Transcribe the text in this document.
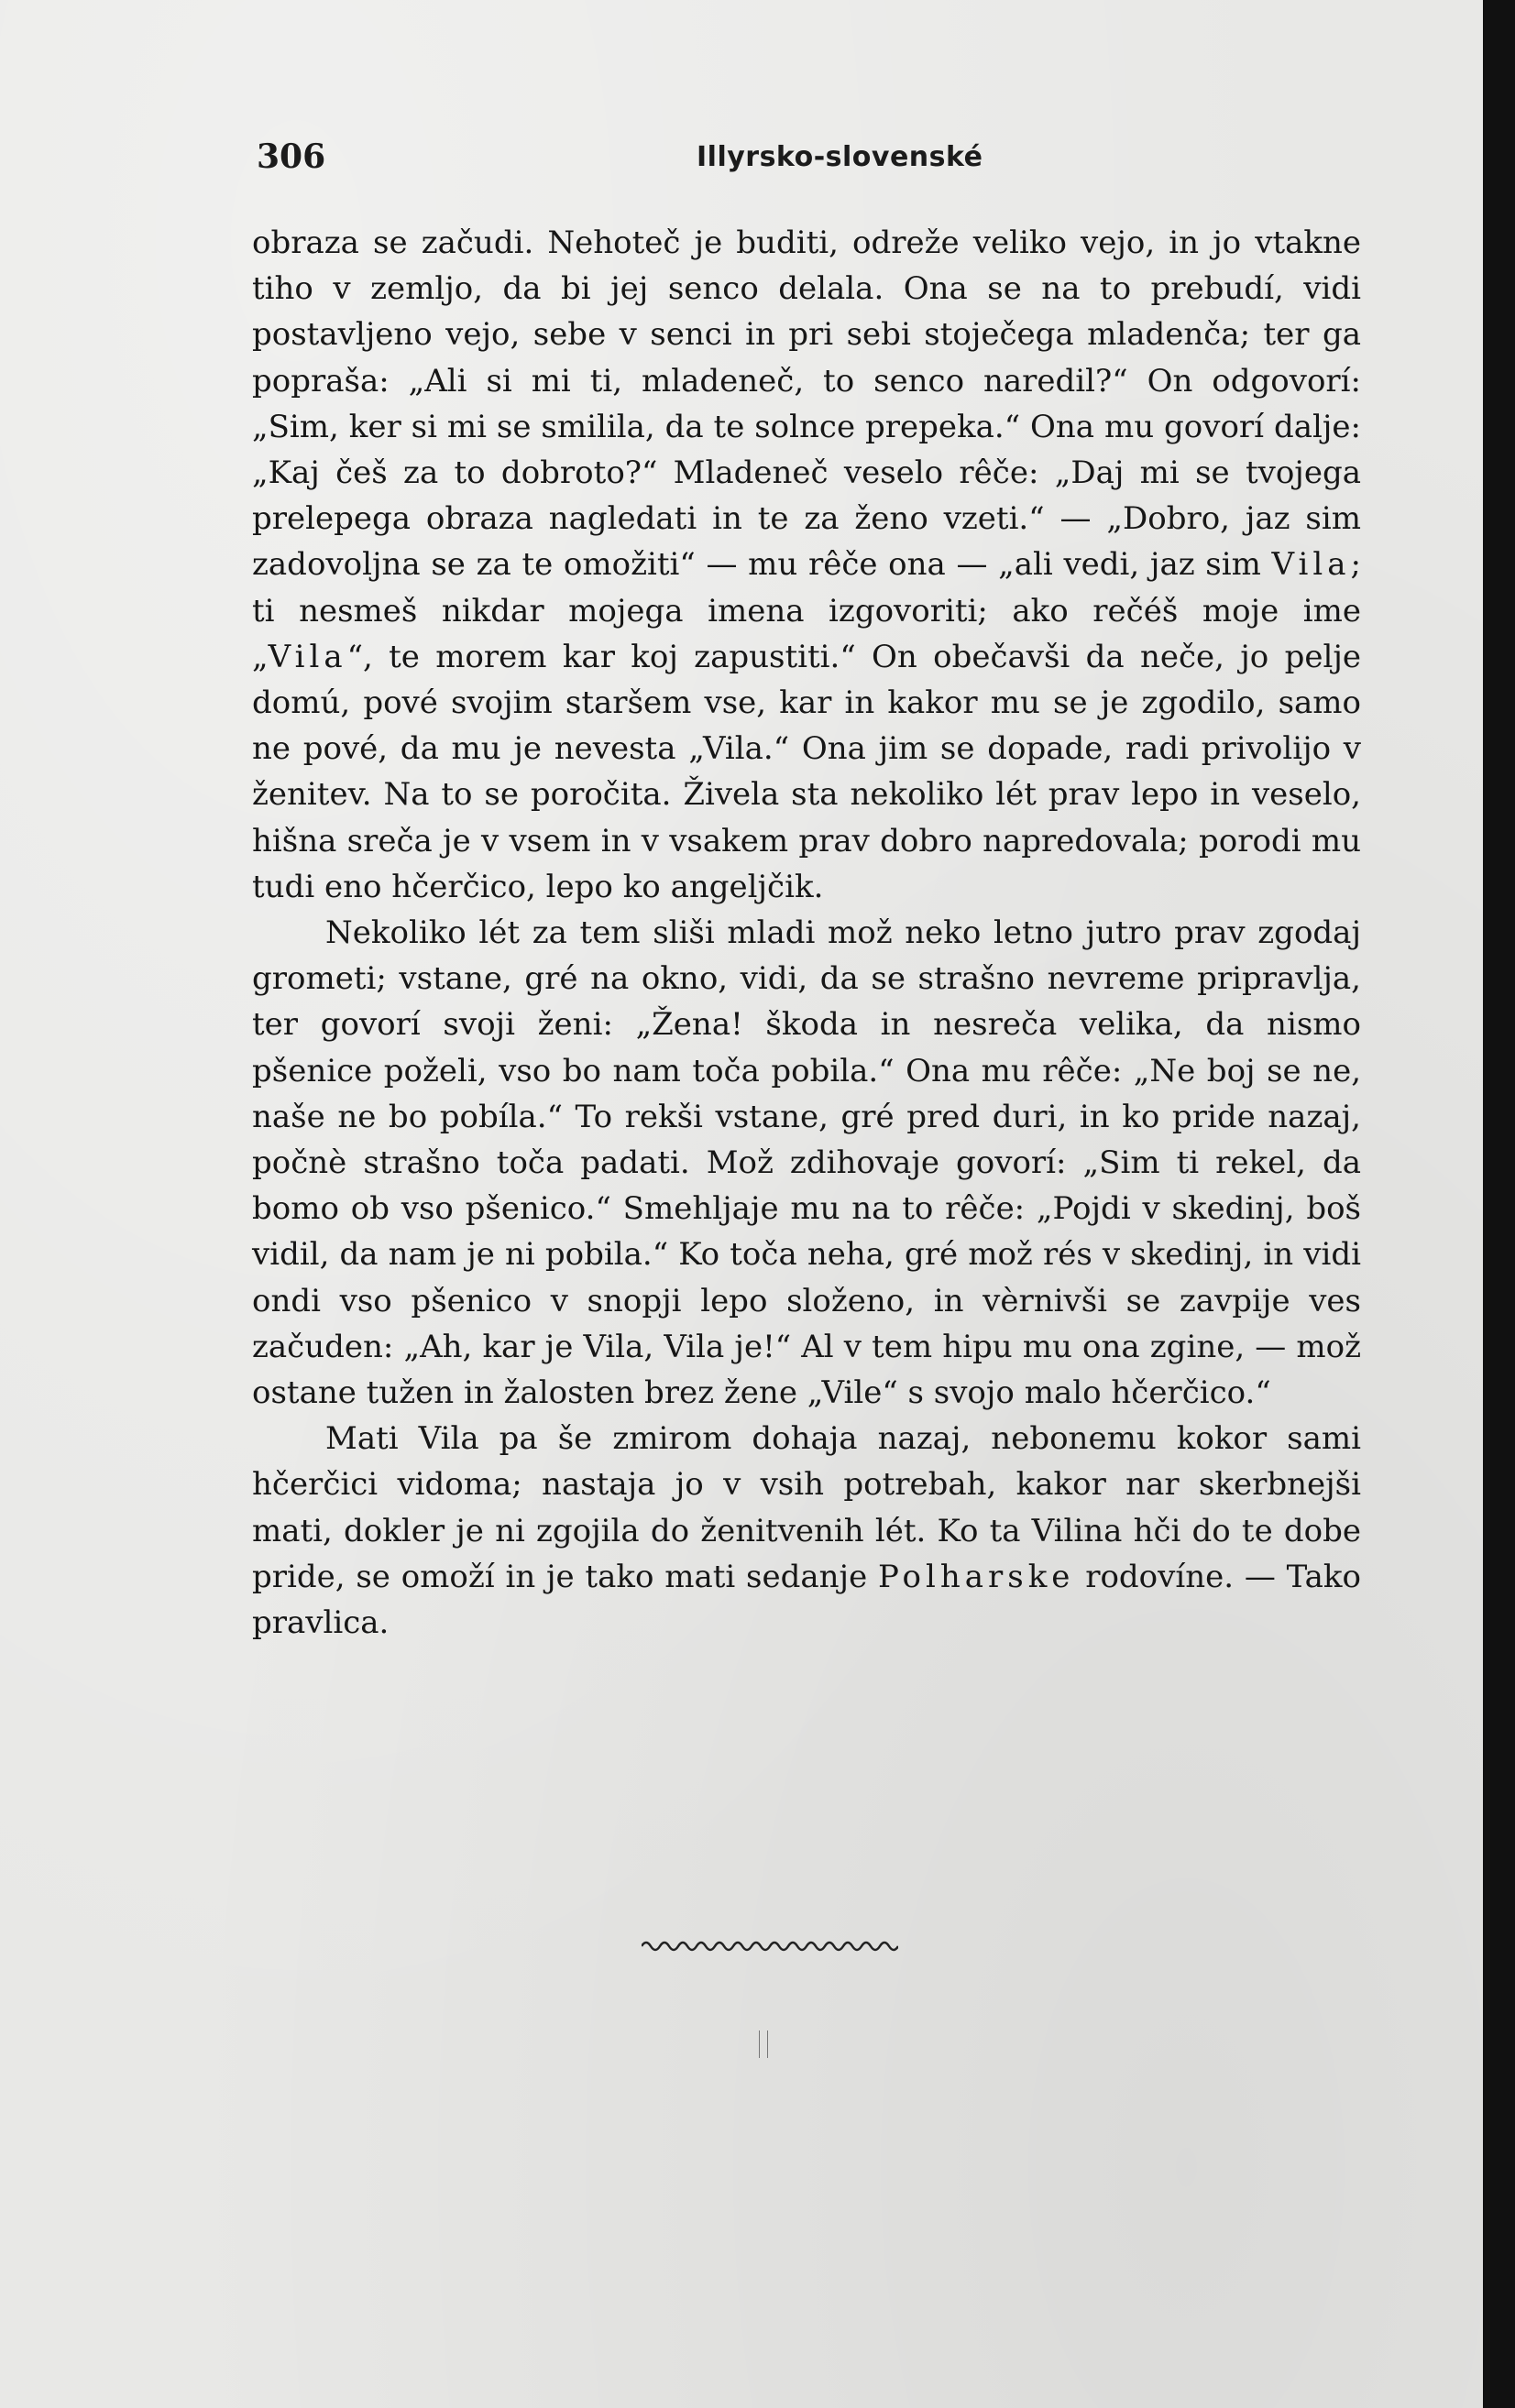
306	Illyrsko-slovenské

obraza se začudi. Nehoteč je buditi, odreže veliko vejo, in jo vtakne tiho v zemljo, da bi jej senco delala. Ona se na to prebudí, vidi postavljeno vejo, sebe v senci in pri sebi stoječega mladenča; ter ga popraša: „Ali si mi ti, mladeneč, to senco naredil?“ On odgovorí: „Sim, ker si mi se smilila, da te solnce prepeka.“ Ona mu govorí dalje: „Kaj češ za to dobroto?“ Mladeneč veselo rêče: „Daj mi se tvojega prelepega obraza nagledati in te za ženo vzeti.“ — „Dobro, jaz sim zadovoljna se za te omožiti“ — mu rêče ona — „ali vedi, jaz sim Vila; ti nesmeš nikdar mojega imena izgovoriti; ako rečéš moje ime „Vila“, te morem kar koj zapustiti.“ On obečavši da neče, jo pelje domú, pové svojim staršem vse, kar in kakor mu se je zgodilo, samo ne pové, da mu je nevesta „Vila.“ Ona jim se dopade, radi privolijo v ženitev. Na to se poročita. Živela sta nekoliko lét prav lepo in veselo, hišna sreča je v vsem in v vsakem prav dobro napredovala; porodi mu tudi eno hčerčico, lepo ko angeljčik.

Nekoliko lét za tem sliši mladi mož neko letno jutro prav zgodaj grometi; vstane, gré na okno, vidi, da se strašno nevreme pripravlja, ter govorí svoji ženi: „Žena! škoda in nesreča velika, da nismo pšenice poželi, vso bo nam toča pobila.“ Ona mu rêče: „Ne boj se ne, naše ne bo pobíla.“ To rekši vstane, gré pred duri, in ko pride nazaj, počnè strašno toča padati. Mož zdihovaje govorí: „Sim ti rekel, da bomo ob vso pšenico.“ Smehljaje mu na to rêče: „Pojdi v skedinj, boš vidil, da nam je ni pobila.“ Ko toča neha, gré mož rés v skedinj, in vidi ondi vso pšenico v snopji lepo složeno, in vèrnivši se zavpije ves začuden: „Ah, kar je Vila, Vila je!“ Al v tem hipu mu ona zgine, — mož ostane tužen in žalosten brez žene „Vile“ s svojo malo hčerčico.“

Mati Vila pa še zmirom dohaja nazaj, nebonemu kokor sami hčerčici vidoma; nastaja jo v vsih potrebah, kakor nar skerbnejši mati, dokler je ni zgojila do ženitvenih lét. Ko ta Vilina hči do te dobe pride, se omoží in je tako mati sedanje Polharske rodovíne. — Tako pravlica.
